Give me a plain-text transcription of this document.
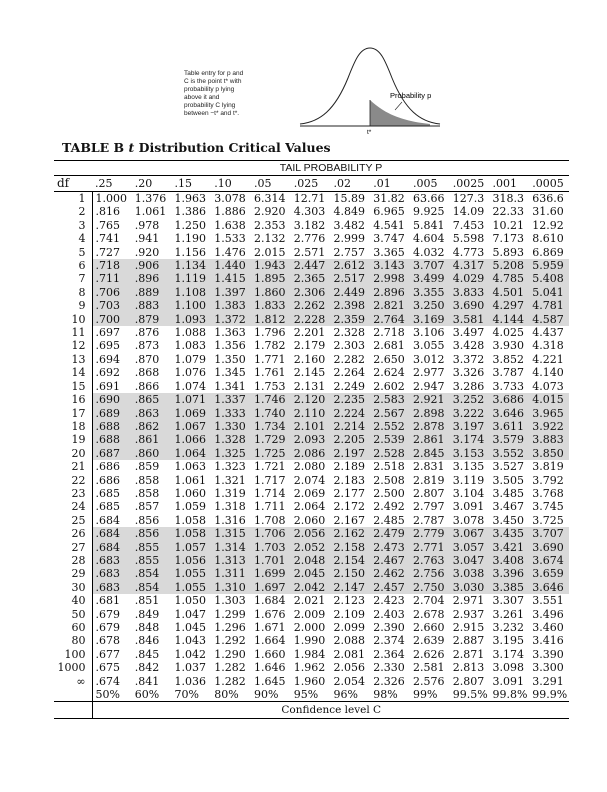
Table entry for p and
C is the point t* with
probability p lying
above it and
probability C lying
between −t* and t*.
Probability p
t*
TABLE B t Distribution Critical Values
	TAIL PROBABILITY P											
df	.25	.20	.15	.10	.05	.025	.02	.01	.005	.0025	.001	.0005
1	1.000	1.376	1.963	3.078	6.314	12.71	15.89	31.82	63.66	127.3	318.3	636.6
2	.816	1.061	1.386	1.886	2.920	4.303	4.849	6.965	9.925	14.09	22.33	31.60
3	.765	.978	1.250	1.638	2.353	3.182	3.482	4.541	5.841	7.453	10.21	12.92
4	.741	.941	1.190	1.533	2.132	2.776	2.999	3.747	4.604	5.598	7.173	8.610
5	.727	.920	1.156	1.476	2.015	2.571	2.757	3.365	4.032	4.773	5.893	6.869
6	.718	.906	1.134	1.440	1.943	2.447	2.612	3.143	3.707	4.317	5.208	5.959
7	.711	.896	1.119	1.415	1.895	2.365	2.517	2.998	3.499	4.029	4.785	5.408
8	.706	.889	1.108	1.397	1.860	2.306	2.449	2.896	3.355	3.833	4.501	5.041
9	.703	.883	1.100	1.383	1.833	2.262	2.398	2.821	3.250	3.690	4.297	4.781
10	.700	.879	1.093	1.372	1.812	2.228	2.359	2.764	3.169	3.581	4.144	4.587
11	.697	.876	1.088	1.363	1.796	2.201	2.328	2.718	3.106	3.497	4.025	4.437
12	.695	.873	1.083	1.356	1.782	2.179	2.303	2.681	3.055	3.428	3.930	4.318
13	.694	.870	1.079	1.350	1.771	2.160	2.282	2.650	3.012	3.372	3.852	4.221
14	.692	.868	1.076	1.345	1.761	2.145	2.264	2.624	2.977	3.326	3.787	4.140
15	.691	.866	1.074	1.341	1.753	2.131	2.249	2.602	2.947	3.286	3.733	4.073
16	.690	.865	1.071	1.337	1.746	2.120	2.235	2.583	2.921	3.252	3.686	4.015
17	.689	.863	1.069	1.333	1.740	2.110	2.224	2.567	2.898	3.222	3.646	3.965
18	.688	.862	1.067	1.330	1.734	2.101	2.214	2.552	2.878	3.197	3.611	3.922
19	.688	.861	1.066	1.328	1.729	2.093	2.205	2.539	2.861	3.174	3.579	3.883
20	.687	.860	1.064	1.325	1.725	2.086	2.197	2.528	2.845	3.153	3.552	3.850
21	.686	.859	1.063	1.323	1.721	2.080	2.189	2.518	2.831	3.135	3.527	3.819
22	.686	.858	1.061	1.321	1.717	2.074	2.183	2.508	2.819	3.119	3.505	3.792
23	.685	.858	1.060	1.319	1.714	2.069	2.177	2.500	2.807	3.104	3.485	3.768
24	.685	.857	1.059	1.318	1.711	2.064	2.172	2.492	2.797	3.091	3.467	3.745
25	.684	.856	1.058	1.316	1.708	2.060	2.167	2.485	2.787	3.078	3.450	3.725
26	.684	.856	1.058	1.315	1.706	2.056	2.162	2.479	2.779	3.067	3.435	3.707
27	.684	.855	1.057	1.314	1.703	2.052	2.158	2.473	2.771	3.057	3.421	3.690
28	.683	.855	1.056	1.313	1.701	2.048	2.154	2.467	2.763	3.047	3.408	3.674
29	.683	.854	1.055	1.311	1.699	2.045	2.150	2.462	2.756	3.038	3.396	3.659
30	.683	.854	1.055	1.310	1.697	2.042	2.147	2.457	2.750	3.030	3.385	3.646
40	.681	.851	1.050	1.303	1.684	2.021	2.123	2.423	2.704	2.971	3.307	3.551
50	.679	.849	1.047	1.299	1.676	2.009	2.109	2.403	2.678	2.937	3.261	3.496
60	.679	.848	1.045	1.296	1.671	2.000	2.099	2.390	2.660	2.915	3.232	3.460
80	.678	.846	1.043	1.292	1.664	1.990	2.088	2.374	2.639	2.887	3.195	3.416
100	.677	.845	1.042	1.290	1.660	1.984	2.081	2.364	2.626	2.871	3.174	3.390
1000	.675	.842	1.037	1.282	1.646	1.962	2.056	2.330	2.581	2.813	3.098	3.300
∞	.674	.841	1.036	1.282	1.645	1.960	2.054	2.326	2.576	2.807	3.091	3.291
	50%	60%	70%	80%	90%	95%	96%	98%	99%	99.5%	99.8%	99.9%
	Confidence level C											
